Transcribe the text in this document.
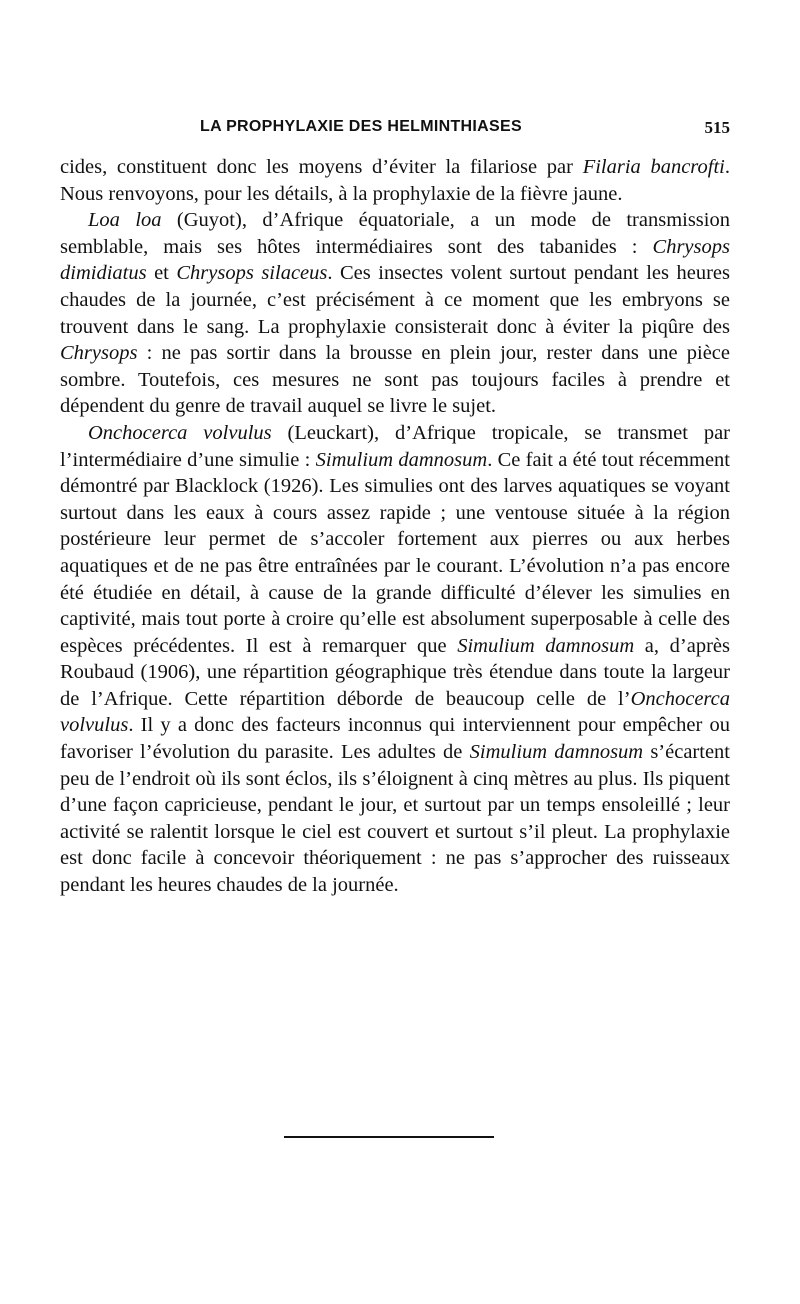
LA PROPHYLAXIE DES HELMINTHIASES	515

cides, constituent donc les moyens d’éviter la filariose par Filaria bancrofti. Nous renvoyons, pour les détails, à la prophylaxie de la fièvre jaune.

Loa loa (Guyot), d’Afrique équatoriale, a un mode de transmission semblable, mais ses hôtes intermédiaires sont des tabanides : Chrysops dimidiatus et Chrysops silaceus. Ces insectes volent surtout pendant les heures chaudes de la journée, c’est précisément à ce moment que les embryons se trouvent dans le sang. La prophylaxie consisterait donc à éviter la piqûre des Chrysops : ne pas sortir dans la brousse en plein jour, rester dans une pièce sombre. Toutefois, ces mesures ne sont pas toujours faciles à prendre et dépendent du genre de travail auquel se livre le sujet.

Onchocerca volvulus (Leuckart), d’Afrique tropicale, se transmet par l’intermédiaire d’une simulie : Simulium damnosum. Ce fait a été tout récemment démontré par Blacklock (1926). Les simulies ont des larves aquatiques se voyant surtout dans les eaux à cours assez rapide ; une ventouse située à la région postérieure leur permet de s’accoler fortement aux pierres ou aux herbes aquatiques et de ne pas être entraînées par le courant. L’évolution n’a pas encore été étudiée en détail, à cause de la grande difficulté d’élever les simulies en captivité, mais tout porte à croire qu’elle est absolument superposable à celle des espèces précédentes. Il est à remarquer que Simulium damnosum a, d’après Roubaud (1906), une répartition géographique très étendue dans toute la largeur de l’Afrique. Cette répartition déborde de beaucoup celle de l’Onchocerca volvulus. Il y a donc des facteurs inconnus qui interviennent pour empêcher ou favoriser l’évolution du parasite. Les adultes de Simulium damnosum s’écartent peu de l’endroit où ils sont éclos, ils s’éloignent à cinq mètres au plus. Ils piquent d’une façon capricieuse, pendant le jour, et surtout par un temps ensoleillé ; leur activité se ralentit lorsque le ciel est couvert et surtout s’il pleut. La prophylaxie est donc facile à concevoir théoriquement : ne pas s’approcher des ruisseaux pendant les heures chaudes de la journée.
